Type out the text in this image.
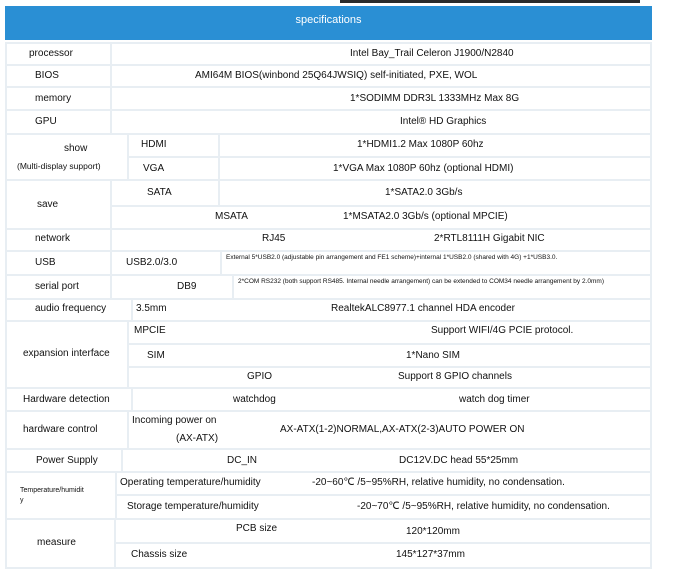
specifications
processor	Intel Bay_Trail Celeron J1900/N2840
BIOS	AMI64M BIOS(winbond 25Q64JWSIQ) self-initiated, PXE, WOL
memory	1*SODIMM DDR3L 1333MHz Max 8G
GPU	Intel® HD Graphics
show
(Multi-display support)
HDMI	1*HDMI1.2 Max 1080P 60hz
VGA	1*VGA Max 1080P 60hz (optional HDMI)
save
SATA	1*SATA2.0 3Gb/s
MSATA	1*MSATA2.0 3Gb/s (optional MPCIE)
network	RJ45	2*RTL8111H Gigabit NIC
USB	USB2.0/3.0	External 5*USB2.0 (adjustable pin arrangement and FE1 scheme)+internal 1*USB2.0 (shared with 4G) +1*USB3.0.
serial port	DB9	2*COM RS232 (both support RS485. Internal needle arrangement) can be extended to COM34 needle arrangement by 2.0mm)
audio frequency	3.5mm	RealtekALC8977.1 channel HDA encoder
expansion interface
MPCIE	Support WIFI/4G PCIE protocol.
SIM	1*Nano SIM
GPIO	Support 8 GPIO channels
Hardware detection	watchdog	watch dog timer
hardware control
Incoming power on
(AX-ATX)
AX-ATX(1-2)NORMAL,AX-ATX(2-3)AUTO POWER ON
Power Supply	DC_IN	DC12V.DC head 55*25mm
Temperature/humidit
y
Operating temperature/humidity	-20~60℃ /5~95%RH, relative humidity, no condensation.
Storage temperature/humidity	-20~70℃ /5~95%RH, relative humidity, no condensation.
measure
PCB size	120*120mm
Chassis size	145*127*37mm
